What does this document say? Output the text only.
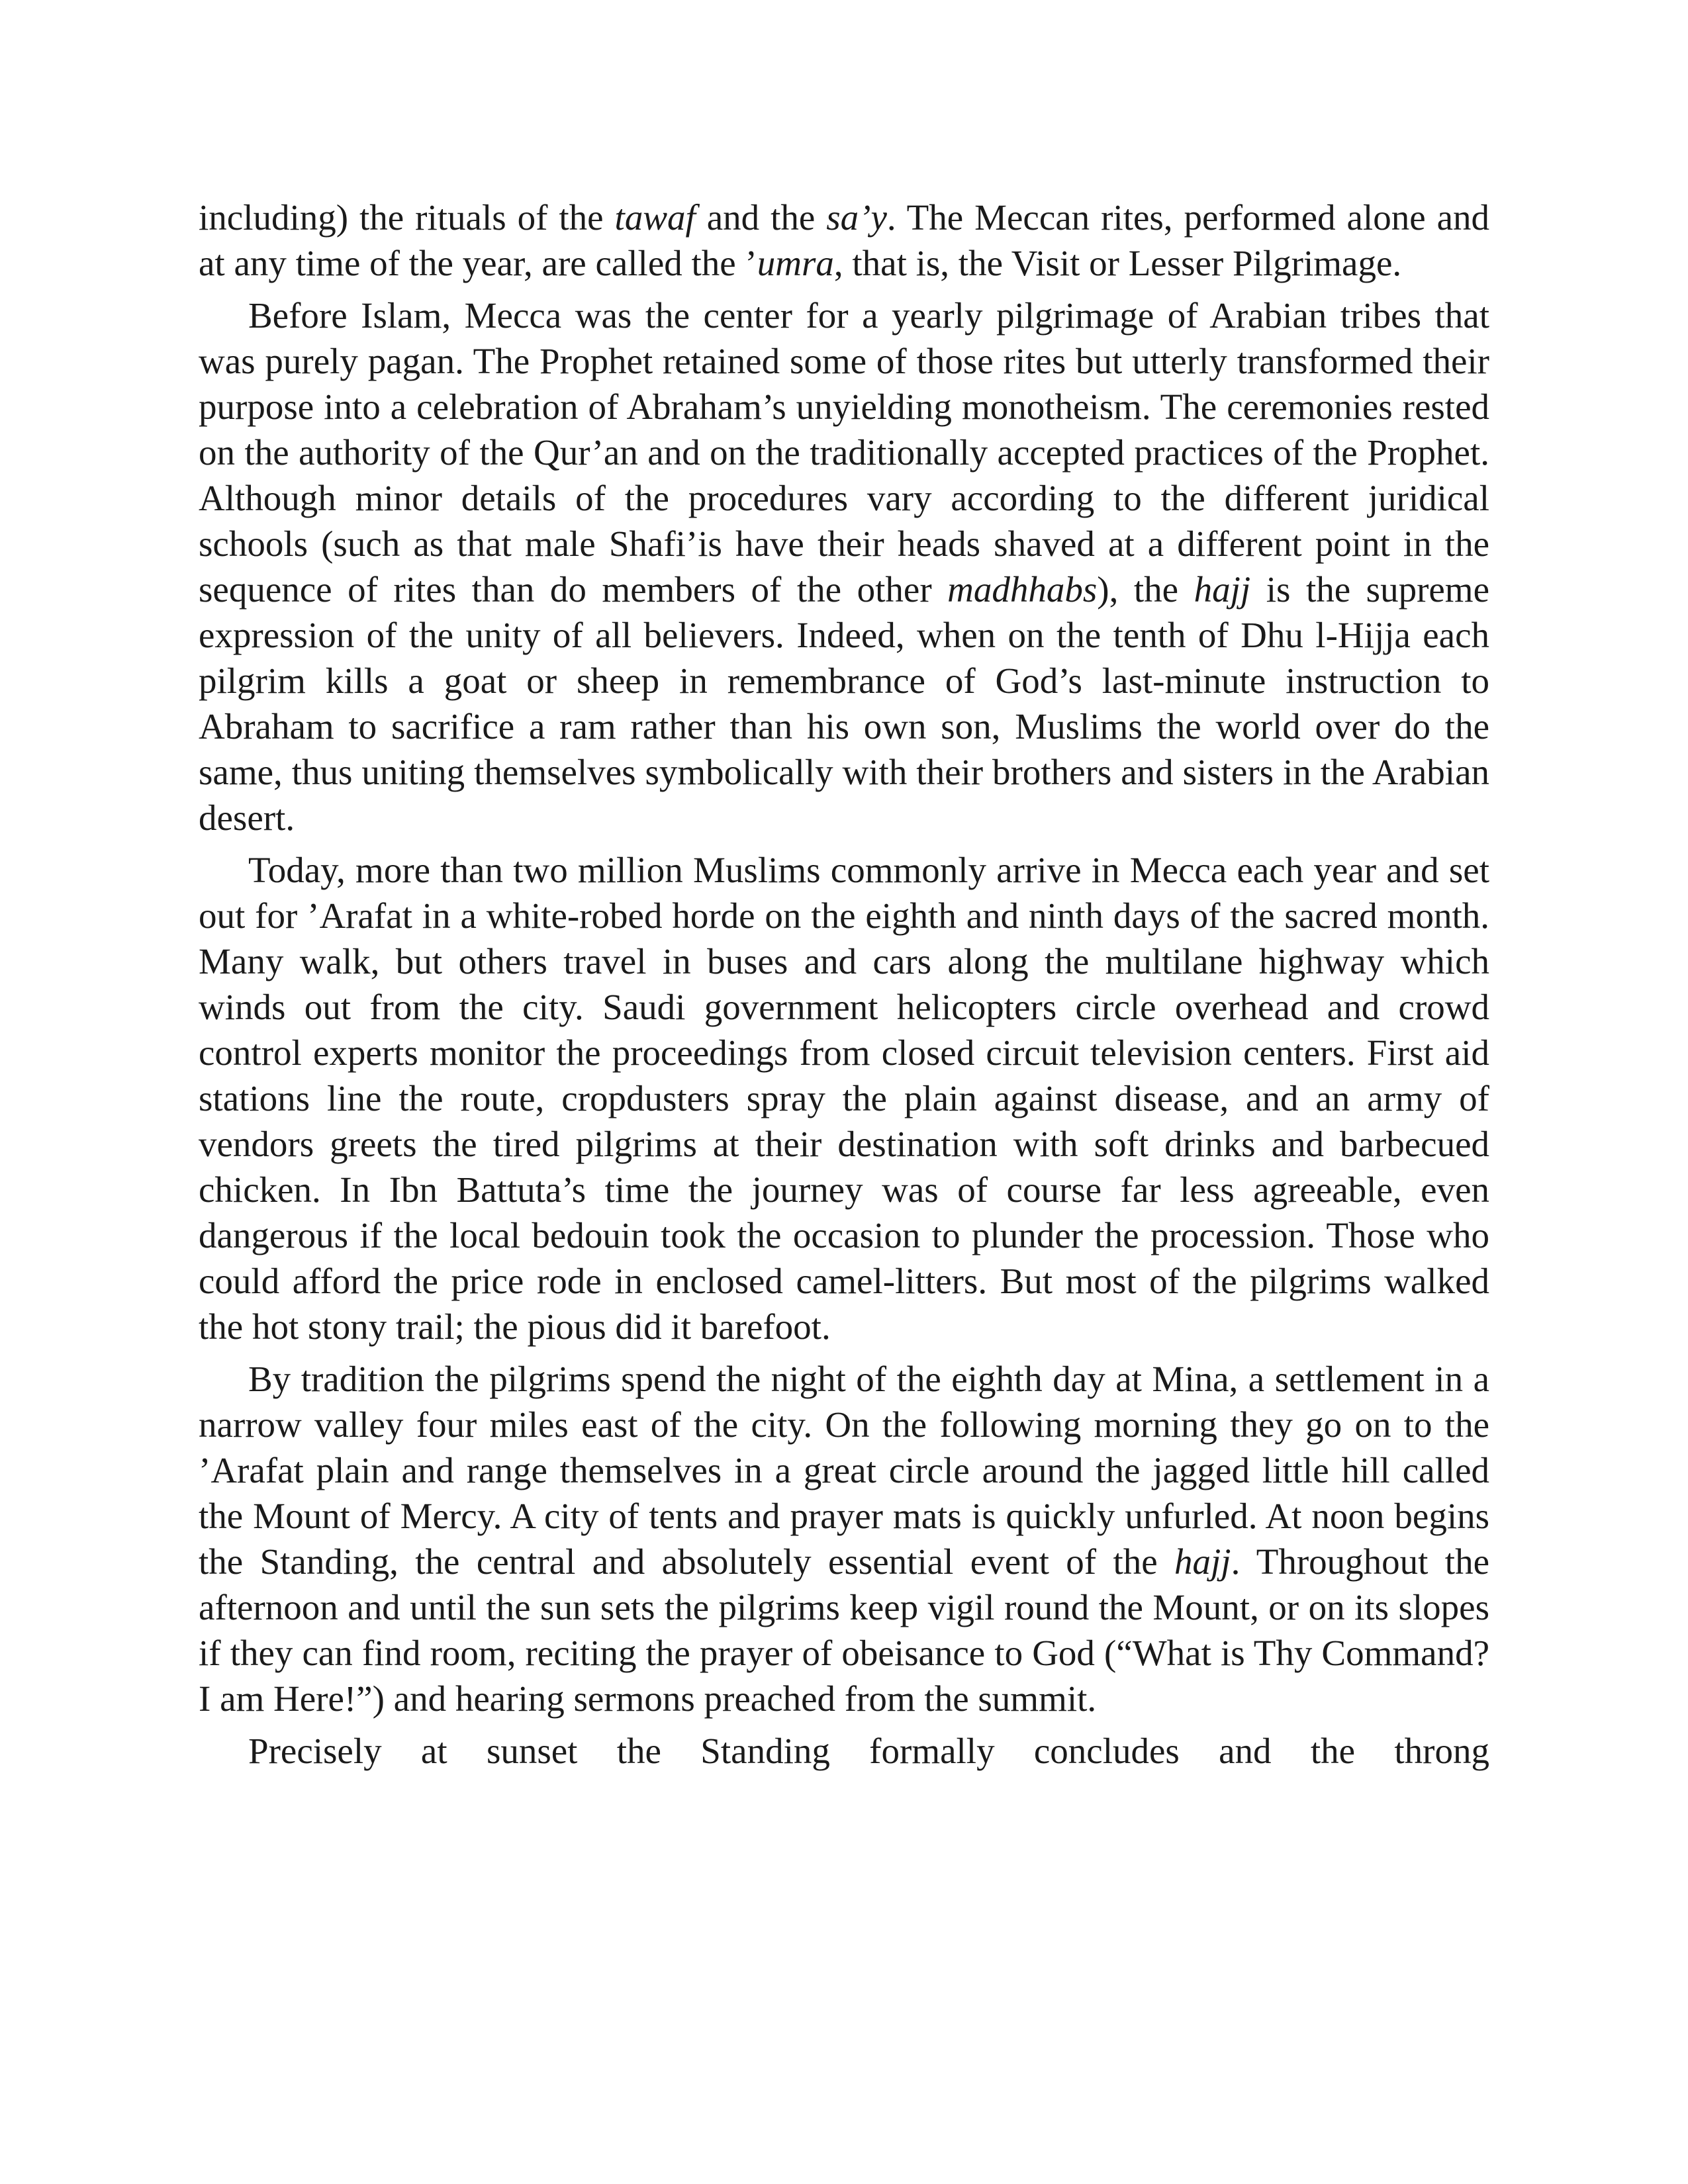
including) the rituals of the tawaf and the sa’y. The Meccan rites, performed alone and at any time of the year, are called the ’umra, that is, the Visit or Lesser Pilgrimage.

Before Islam, Mecca was the center for a yearly pilgrimage of Arabian tribes that was purely pagan. The Prophet retained some of those rites but utterly transformed their purpose into a celebration of Abraham’s unyielding monotheism. The ceremonies rested on the authority of the Qur’an and on the traditionally accepted practices of the Prophet. Although minor details of the procedures vary according to the different juridical schools (such as that male Shafi’is have their heads shaved at a different point in the sequence of rites than do members of the other madhhabs), the hajj is the supreme expression of the unity of all believers. Indeed, when on the tenth of Dhu l-Hijja each pilgrim kills a goat or sheep in remembrance of God’s last-minute instruction to Abraham to sacrifice a ram rather than his own son, Muslims the world over do the same, thus uniting themselves symbolically with their brothers and sisters in the Arabian desert.

Today, more than two million Muslims commonly arrive in Mecca each year and set out for ’Arafat in a white-robed horde on the eighth and ninth days of the sacred month. Many walk, but others travel in buses and cars along the multilane highway which winds out from the city. Saudi government helicopters circle overhead and crowd control experts monitor the proceedings from closed circuit television centers. First aid stations line the route, cropdusters spray the plain against disease, and an army of vendors greets the tired pilgrims at their destination with soft drinks and barbecued chicken. In Ibn Battuta’s time the journey was of course far less agreeable, even dangerous if the local bedouin took the occasion to plunder the procession. Those who could afford the price rode in enclosed camel-litters. But most of the pilgrims walked the hot stony trail; the pious did it barefoot.

By tradition the pilgrims spend the night of the eighth day at Mina, a settlement in a narrow valley four miles east of the city. On the following morning they go on to the ’Arafat plain and range themselves in a great circle around the jagged little hill called the Mount of Mercy. A city of tents and prayer mats is quickly unfurled. At noon begins the Standing, the central and absolutely essential event of the hajj. Throughout the afternoon and until the sun sets the pilgrims keep vigil round the Mount, or on its slopes if they can find room, reciting the prayer of obeisance to God (“What is Thy Command? I am Here!”) and hearing sermons preached from the summit.

Precisely at sunset the Standing formally concludes and the throng
